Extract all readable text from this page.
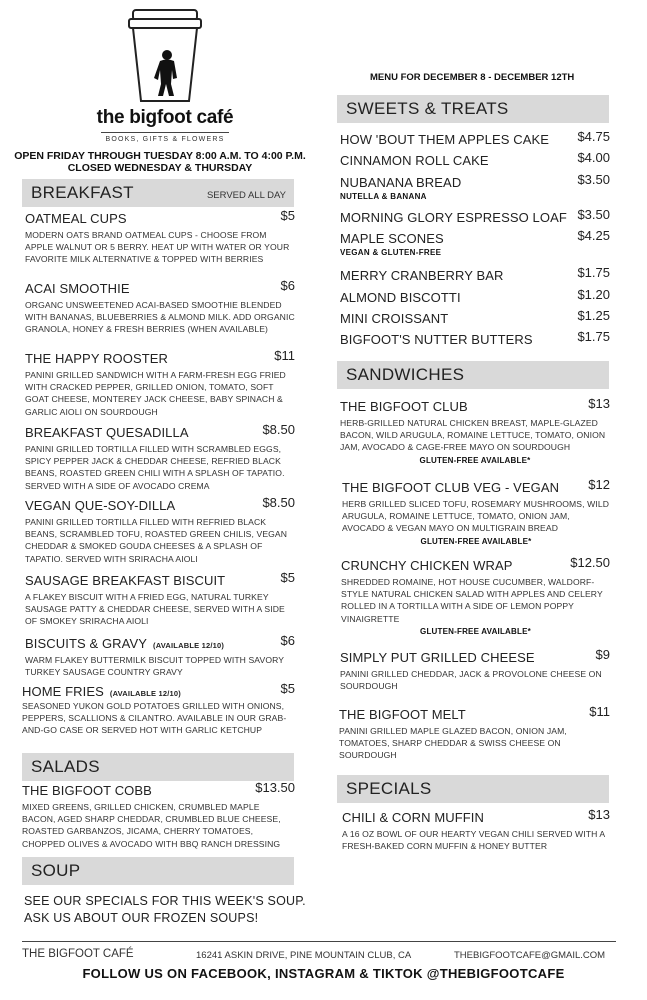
the bigfoot café
BOOKS, GIFTS & FLOWERS
OPEN FRIDAY THROUGH TUESDAY 8:00 A.M. TO 4:00 P.M.
CLOSED WEDNESDAY & THURSDAY
MENU FOR DECEMBER 8 - DECEMBER 12TH
BREAKFAST	SERVED ALL DAY
OATMEAL CUPS	$5
MODERN OATS BRAND OATMEAL CUPS - CHOOSE FROM APPLE WALNUT OR 5 BERRY. HEAT UP WITH WATER OR YOUR FAVORITE MILK ALTERNATIVE & TOPPED WITH BERRIES
ACAI SMOOTHIE	$6
ORGANC UNSWEETENED ACAI-BASED SMOOTHIE BLENDED WITH BANANAS, BLUEBERRIES & ALMOND MILK. ADD ORGANIC GRANOLA, HONEY & FRESH BERRIES (WHEN AVAILABLE)
THE HAPPY ROOSTER	$11
PANINI GRILLED SANDWICH WITH A FARM-FRESH EGG FRIED WITH CRACKED PEPPER, GRILLED ONION, TOMATO, SOFT GOAT CHEESE, MONTEREY JACK CHEESE, BABY SPINACH & GARLIC AIOLI ON SOURDOUGH
BREAKFAST QUESADILLA	$8.50
PANINI GRILLED TORTILLA FILLED WITH SCRAMBLED EGGS, SPICY PEPPER JACK & CHEDDAR CHEESE, REFRIED BLACK BEANS, ROASTED GREEN CHILI WITH A SPLASH OF TAPATIO. SERVED WITH A SIDE OF AVOCADO CREMA
VEGAN QUE-SOY-DILLA	$8.50
PANINI GRILLED TORTILLA FILLED WITH REFRIED BLACK BEANS, SCRAMBLED TOFU, ROASTED GREEN CHILIS, VEGAN CHEDDAR & SMOKED GOUDA CHEESES & A SPLASH OF TAPATIO. SERVED WITH SRIRACHA AIOLI
SAUSAGE BREAKFAST BISCUIT	$5
A FLAKEY BISCUIT WITH A FRIED EGG, NATURAL TURKEY SAUSAGE PATTY & CHEDDAR CHEESE, SERVED WITH A SIDE OF SMOKEY SRIRACHA AIOLI
BISCUITS & GRAVY (AVAILABLE 12/10)	$6
WARM FLAKEY BUTTERMILK BISCUIT TOPPED WITH SAVORY TURKEY SAUSAGE COUNTRY GRAVY
HOME FRIES (AVAILABLE 12/10)	$5
SEASONED YUKON GOLD POTATOES GRILLED WITH ONIONS, PEPPERS, SCALLIONS & CILANTRO. AVAILABLE IN OUR GRAB-AND-GO CASE OR SERVED HOT WITH GARLIC KETCHUP
SALADS
THE BIGFOOT COBB	$13.50
MIXED GREENS, GRILLED CHICKEN, CRUMBLED MAPLE BACON, AGED SHARP CHEDDAR, CRUMBLED BLUE CHEESE, ROASTED GARBANZOS, JICAMA, CHERRY TOMATOES, CHOPPED OLIVES & AVOCADO WITH BBQ RANCH DRESSING
SOUP
SEE OUR SPECIALS FOR THIS WEEK'S SOUP.
ASK US ABOUT OUR FROZEN SOUPS!
SWEETS & TREATS
HOW 'BOUT THEM APPLES CAKE	$4.75
CINNAMON ROLL CAKE	$4.00
NUBANANA BREAD	$3.50
NUTELLA & BANANA
MORNING GLORY ESPRESSO LOAF $3.50
MAPLE SCONES	$4.25
VEGAN & GLUTEN-FREE
MERRY CRANBERRY BAR	$1.75
ALMOND BISCOTTI	$1.20
MINI CROISSANT	$1.25
BIGFOOT'S NUTTER BUTTERS	$1.75
SANDWICHES
THE BIGFOOT CLUB	$13
HERB-GRILLED NATURAL CHICKEN BREAST, MAPLE-GLAZED BACON, WILD ARUGULA, ROMAINE LETTUCE, TOMATO, ONION JAM, AVOCADO & CAGE-FREE MAYO ON SOURDOUGH
GLUTEN-FREE AVAILABLE*
THE BIGFOOT CLUB VEG - VEGAN	$12
HERB GRILLED SLICED TOFU, ROSEMARY MUSHROOMS, WILD ARUGULA, ROMAINE LETTUCE, TOMATO, ONION JAM, AVOCADO & VEGAN MAYO ON MULTIGRAIN BREAD
GLUTEN-FREE AVAILABLE*
CRUNCHY CHICKEN WRAP	$12.50
SHREDDED ROMAINE, HOT HOUSE CUCUMBER, WALDORF-STYLE NATURAL CHICKEN SALAD WITH APPLES AND CELERY ROLLED IN A TORTILLA WITH A SIDE OF LEMON POPPY VINAIGRETTE
GLUTEN-FREE AVAILABLE*
SIMPLY PUT GRILLED CHEESE	$9
PANINI GRILLED CHEDDAR, JACK & PROVOLONE CHEESE ON SOURDOUGH
THE BIGFOOT MELT	$11
PANINI GRILLED MAPLE GLAZED BACON, ONION JAM, TOMATOES, SHARP CHEDDAR & SWISS CHEESE ON SOURDOUGH
SPECIALS
CHILI & CORN MUFFIN	$13
A 16 OZ BOWL OF OUR HEARTY VEGAN CHILI SERVED WITH A FRESH-BAKED CORN MUFFIN & HONEY BUTTER
THE BIGFOOT CAFÉ	16241 ASKIN DRIVE, PINE MOUNTAIN CLUB, CA	THEBIGFOOTCAFE@GMAIL.COM
FOLLOW US ON FACEBOOK, INSTAGRAM & TIKTOK @THEBIGFOOTCAFE
